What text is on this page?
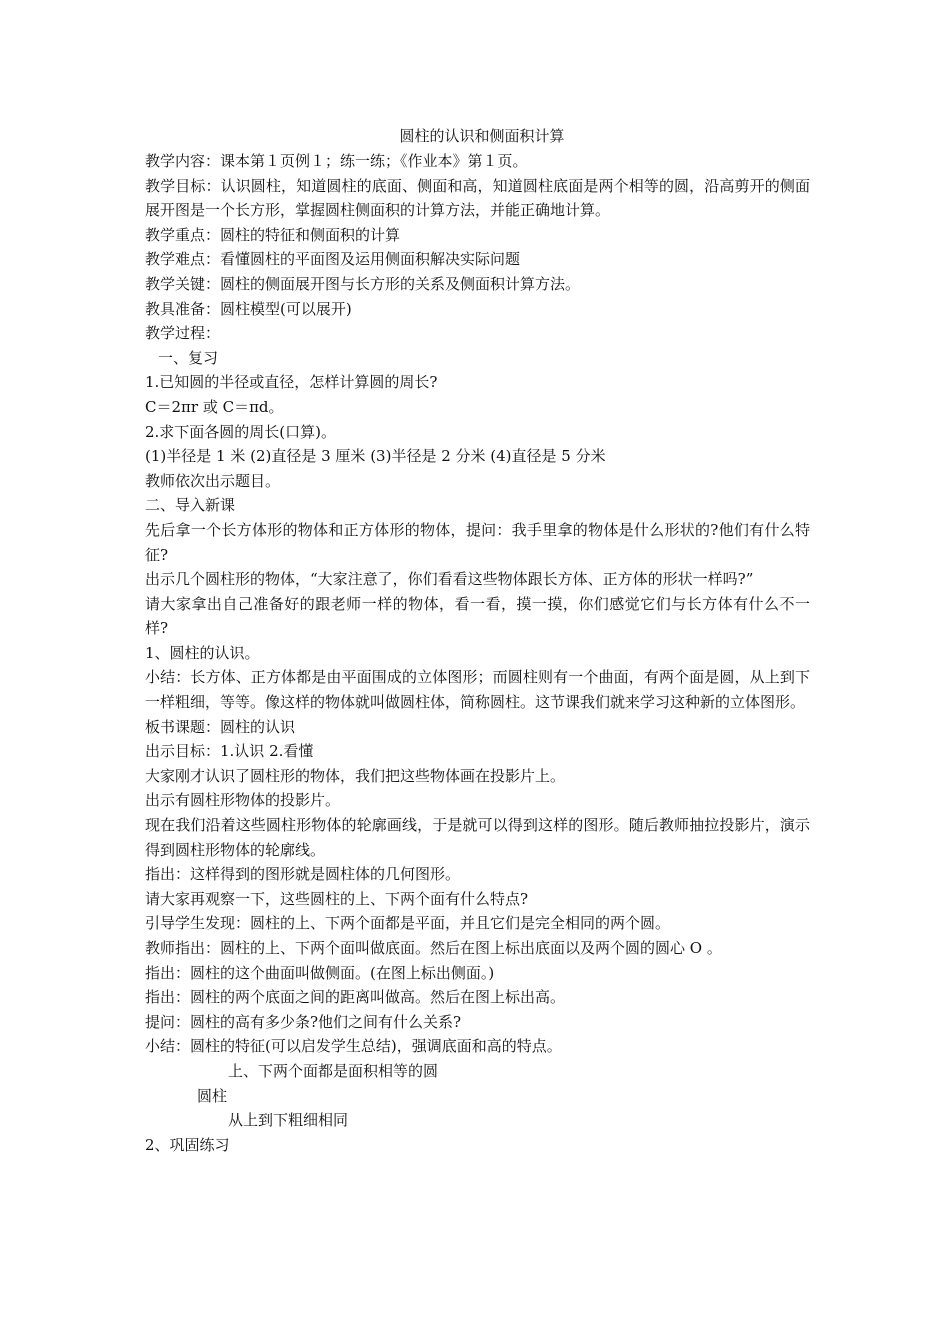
圆柱的认识和侧面积计算

教学内容：课本第１页例１；练一练；《作业本》第１页。

教学目标：认识圆柱，知道圆柱的底面、侧面和高，知道圆柱底面是两个相等的圆，沿高剪开的侧面展开图是一个长方形，掌握圆柱侧面积的计算方法，并能正确地计算。

教学重点：圆柱的特征和侧面积的计算

教学难点：看懂圆柱的平面图及运用侧面积解决实际问题

教学关键：圆柱的侧面展开图与长方形的关系及侧面积计算方法。

教具准备：圆柱模型(可以展开)

教学过程：

一、复习

1.已知圆的半径或直径，怎样计算圆的周长?

C＝2πr 或 C＝πd。

2.求下面各圆的周长(口算)。

(1)半径是 1 米 (2)直径是 3 厘米 (3)半径是 2 分米 (4)直径是 5 分米

教师依次出示题目。

二、导入新课

先后拿一个长方体形的物体和正方体形的物体，提问：我手里拿的物体是什么形状的?他们有什么特征?

出示几个圆柱形的物体，“大家注意了，你们看看这些物体跟长方体、正方体的形状一样吗?”

请大家拿出自己准备好的跟老师一样的物体，看一看，摸一摸，你们感觉它们与长方体有什么不一样?

1、圆柱的认识。

小结：长方体、正方体都是由平面围成的立体图形；而圆柱则有一个曲面，有两个面是圆，从上到下一样粗细，等等。像这样的物体就叫做圆柱体，简称圆柱。这节课我们就来学习这种新的立体图形。

板书课题：圆柱的认识

出示目标：1.认识 2.看懂

大家刚才认识了圆柱形的物体，我们把这些物体画在投影片上。

出示有圆柱形物体的投影片。

现在我们沿着这些圆柱形物体的轮廓画线，于是就可以得到这样的图形。随后教师抽拉投影片，演示得到圆柱形物体的轮廓线。

指出：这样得到的图形就是圆柱体的几何图形。

请大家再观察一下，这些圆柱的上、下两个面有什么特点?

引导学生发现：圆柱的上、下两个面都是平面，并且它们是完全相同的两个圆。

教师指出：圆柱的上、下两个面叫做底面。然后在图上标出底面以及两个圆的圆心 O 。

指出：圆柱的这个曲面叫做侧面。(在图上标出侧面。)

指出：圆柱的两个底面之间的距离叫做高。然后在图上标出高。

提问：圆柱的高有多少条?他们之间有什么关系?

小结：圆柱的特征(可以启发学生总结)，强调底面和高的特点。

上、下两个面都是面积相等的圆

圆柱

从上到下粗细相同

2、巩固练习
